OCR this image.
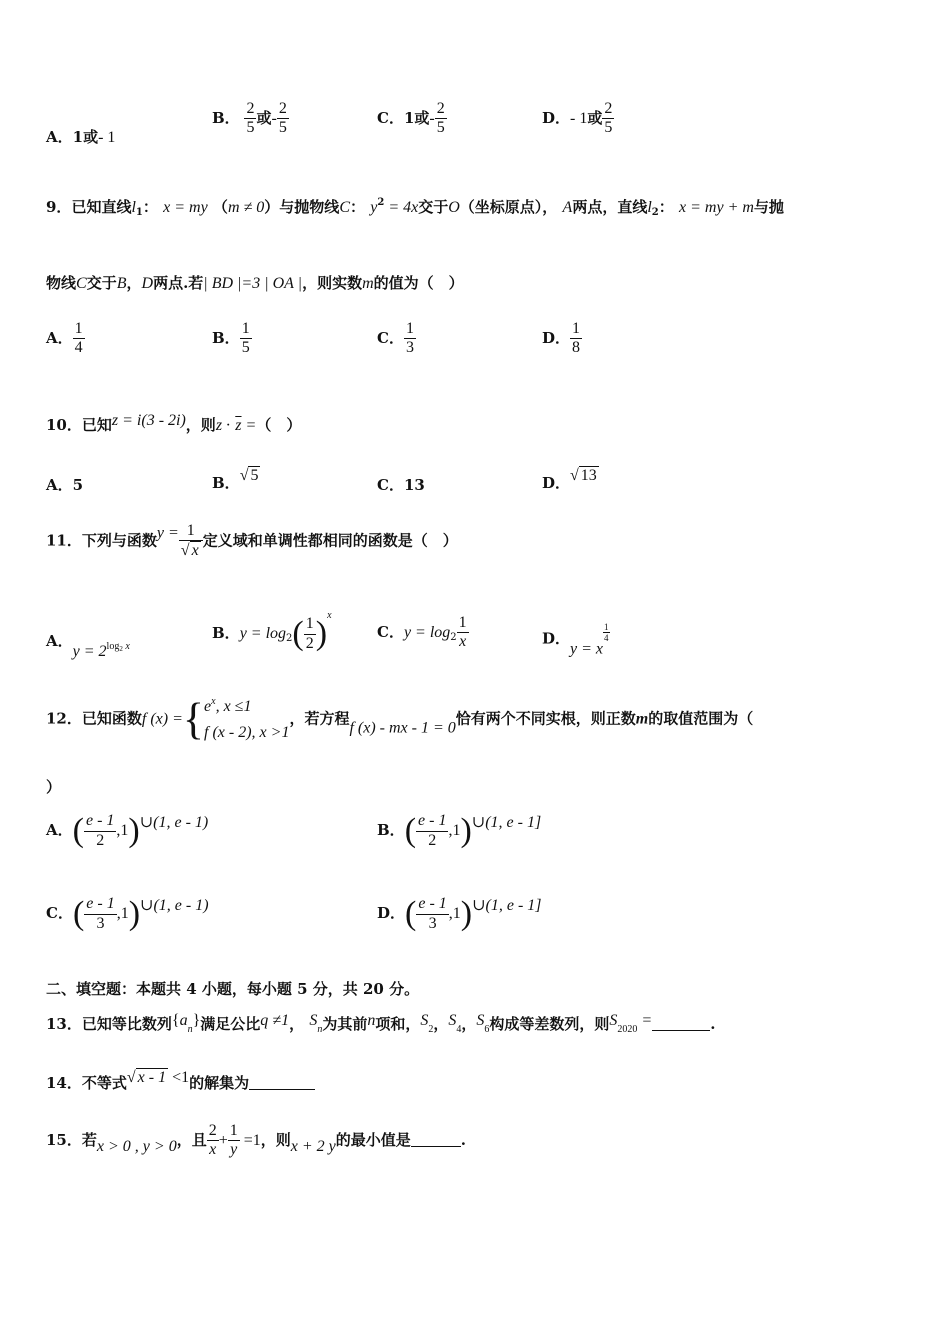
A．1或- 1
B． $\frac{2}{5}$ 或- $\frac{2}{5}$	C．1或- $\frac{2}{5}$	D．- 1或 $\frac{2}{5}$
9．已知直线$l_1$： x = my （m ≠ 0）与抛物线C： $y^2 = 4x$交于O（坐标原点）， A两点，直线$l_2$： x = my + m与抛
物线C交于B，D两点.若| BD |=3 | OA |，则实数m的值为（　）
A． $\frac{1}{4}$	B． $\frac{1}{5}$	C． $\frac{1}{3}$	D． $\frac{1}{8}$
10．已知z = i(3 - 2i)，则$z \cdot \overline{z}$ =（　）
A．5	B．√ 5
C．13	D．√ 13
11．下列与函数$y = \frac{1}{√ x}$ 定义域和单调性都相同的函数是（　）
A．$y = 2_{log2}$ $_x$
B．$y = \log_2( \frac{1}{2} )^x$
C．$y = \log_2 \frac{1}{x}$	D．y = x
$\frac{1}{4}$
12．已知函数f (x) ={ $e^x$, x ≤1
f (x - 2), x >1
，若方程f (x) - mx - 1 = 0恰有两个不同实根，则正数m的取值范围为（
）
A．( $\frac{e - 1}{2}$ ,1)∪(1, e - 1)	B．( $\frac{e - 1}{2}$ ,1)∪(1, e - 1]
C．( $\frac{e - 1}{3}$ ,1)∪(1, e - 1)	D．( $\frac{e - 1}{3}$ ,1)∪(1, e - 1]
二、填空题：本题共 4 小题，每小题 5 分，共 20 分。
13．已知等比数列$\{a_n\}$满足公比q ≠1， $S_n$为其前n项和，$S_2$，$S_4$，$S_6$构成等差数列，则$S_{2020}$ =	.
14．不等式√ x - 1 <1的解集为
15．若x > 0 , y > 0，且 $\frac{2}{x} + \frac{1}{y} =1$，则x + 2 y的最小值是	.
